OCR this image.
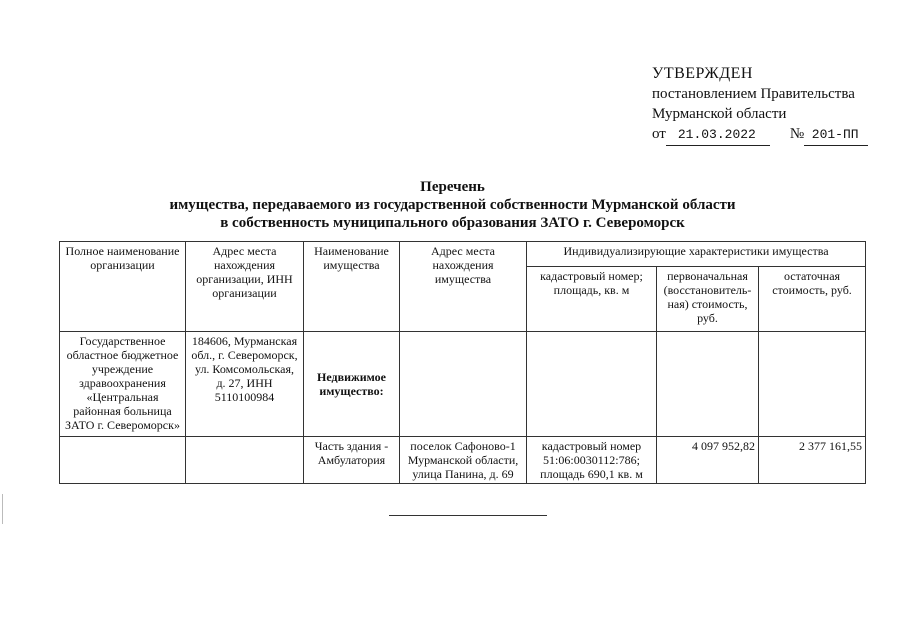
УТВЕРЖДЕН
постановлением Правительства
Мурманской области
от 21.03.2022	№ 201-ПП
Перечень
имущества, передаваемого из государственной собственности Мурманской области
в собственность муниципального образования ЗАТО г. Североморск
Полное наименование организации	Адрес места нахождения организации, ИНН организации	Наименование имущества	Адрес места нахождения имущества	Индивидуализирующие характеристики имущества		
				кадастровый номер; площадь, кв. м	первоначальная (восстановитель-ная) стоимость, руб.	остаточная стоимость, руб.
Государственное областное бюджетное учреждение здравоохранения «Центральная районная больница ЗАТО г. Североморск»	184606, Мурманская обл., г. Североморск, ул. Комсомольская, д. 27, ИНН 5110100984	Недвижимое имущество:				
		Часть здания - Амбулатория	поселок Сафоново-1 Мурманской области, улица Панина, д. 69	кадастровый номер 51:06:0030112:786; площадь 690,1 кв. м	4 097 952,82	2 377 161,55
